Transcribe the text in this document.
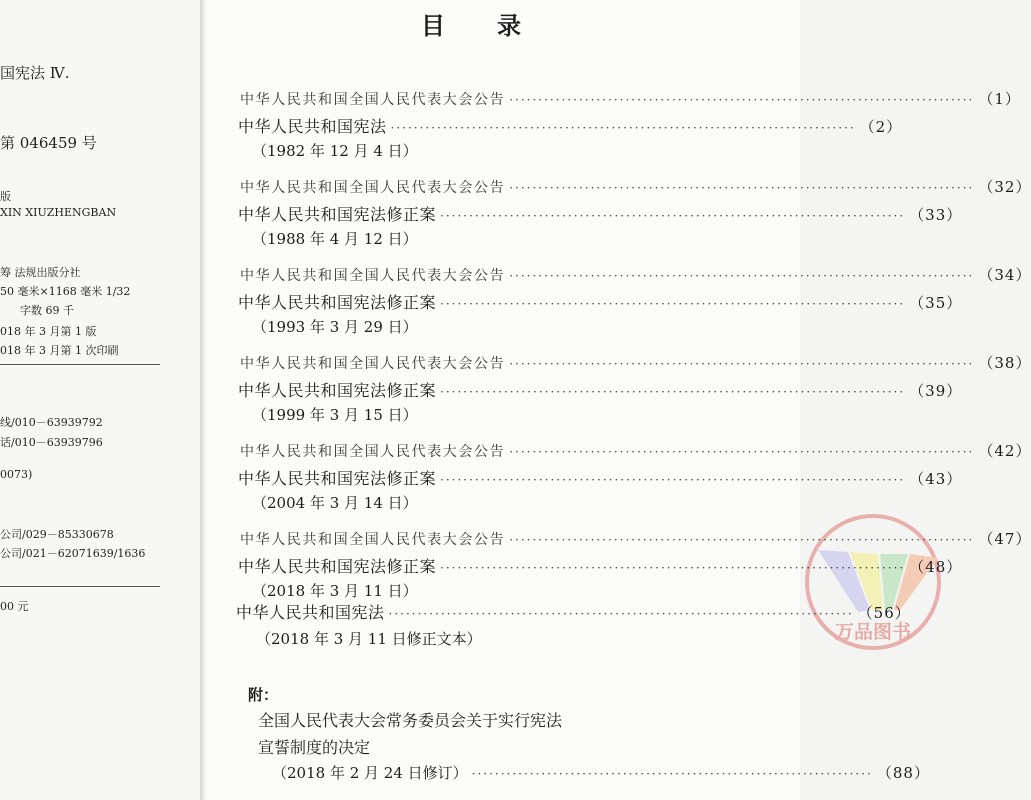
国宪法 Ⅳ.
第 046459 号
版
XIN XIUZHENGBAN
筹 法规出版分社
50 毫米×1168 毫米 1/32
字数 69 千
018 年 3 月第 1 版
018 年 3 月第 1 次印刷
线/010－63939792
话/010－63939796
0073)
公司/029－85330678
公司/021－62071639/1636
00 元
目录
万品图书
中华人民共和国全国人民代表大会公告 ················································································ （1）
中华人民共和国宪法 ················································································ （2）
（1982 年 12 月 4 日）
中华人民共和国全国人民代表大会公告 ················································································ （32）
中华人民共和国宪法修正案 ················································································ （33）
（1988 年 4 月 12 日）
中华人民共和国全国人民代表大会公告 ················································································ （34）
中华人民共和国宪法修正案 ················································································ （35）
（1993 年 3 月 29 日）
中华人民共和国全国人民代表大会公告 ················································································ （38）
中华人民共和国宪法修正案 ················································································ （39）
（1999 年 3 月 15 日）
中华人民共和国全国人民代表大会公告 ················································································ （42）
中华人民共和国宪法修正案 ················································································ （43）
（2004 年 3 月 14 日）
中华人民共和国全国人民代表大会公告 ················································································ （47）
中华人民共和国宪法修正案 ················································································ （48）
（2018 年 3 月 11 日）
（2018 年 3 月 11 日修正文本）
中华人民共和国宪法 ················································································ （56）
附：
全国人民代表大会常务委员会关于实行宪法
宣誓制度的决定
（2018 年 2 月 24 日修订） ····································································· （88）
